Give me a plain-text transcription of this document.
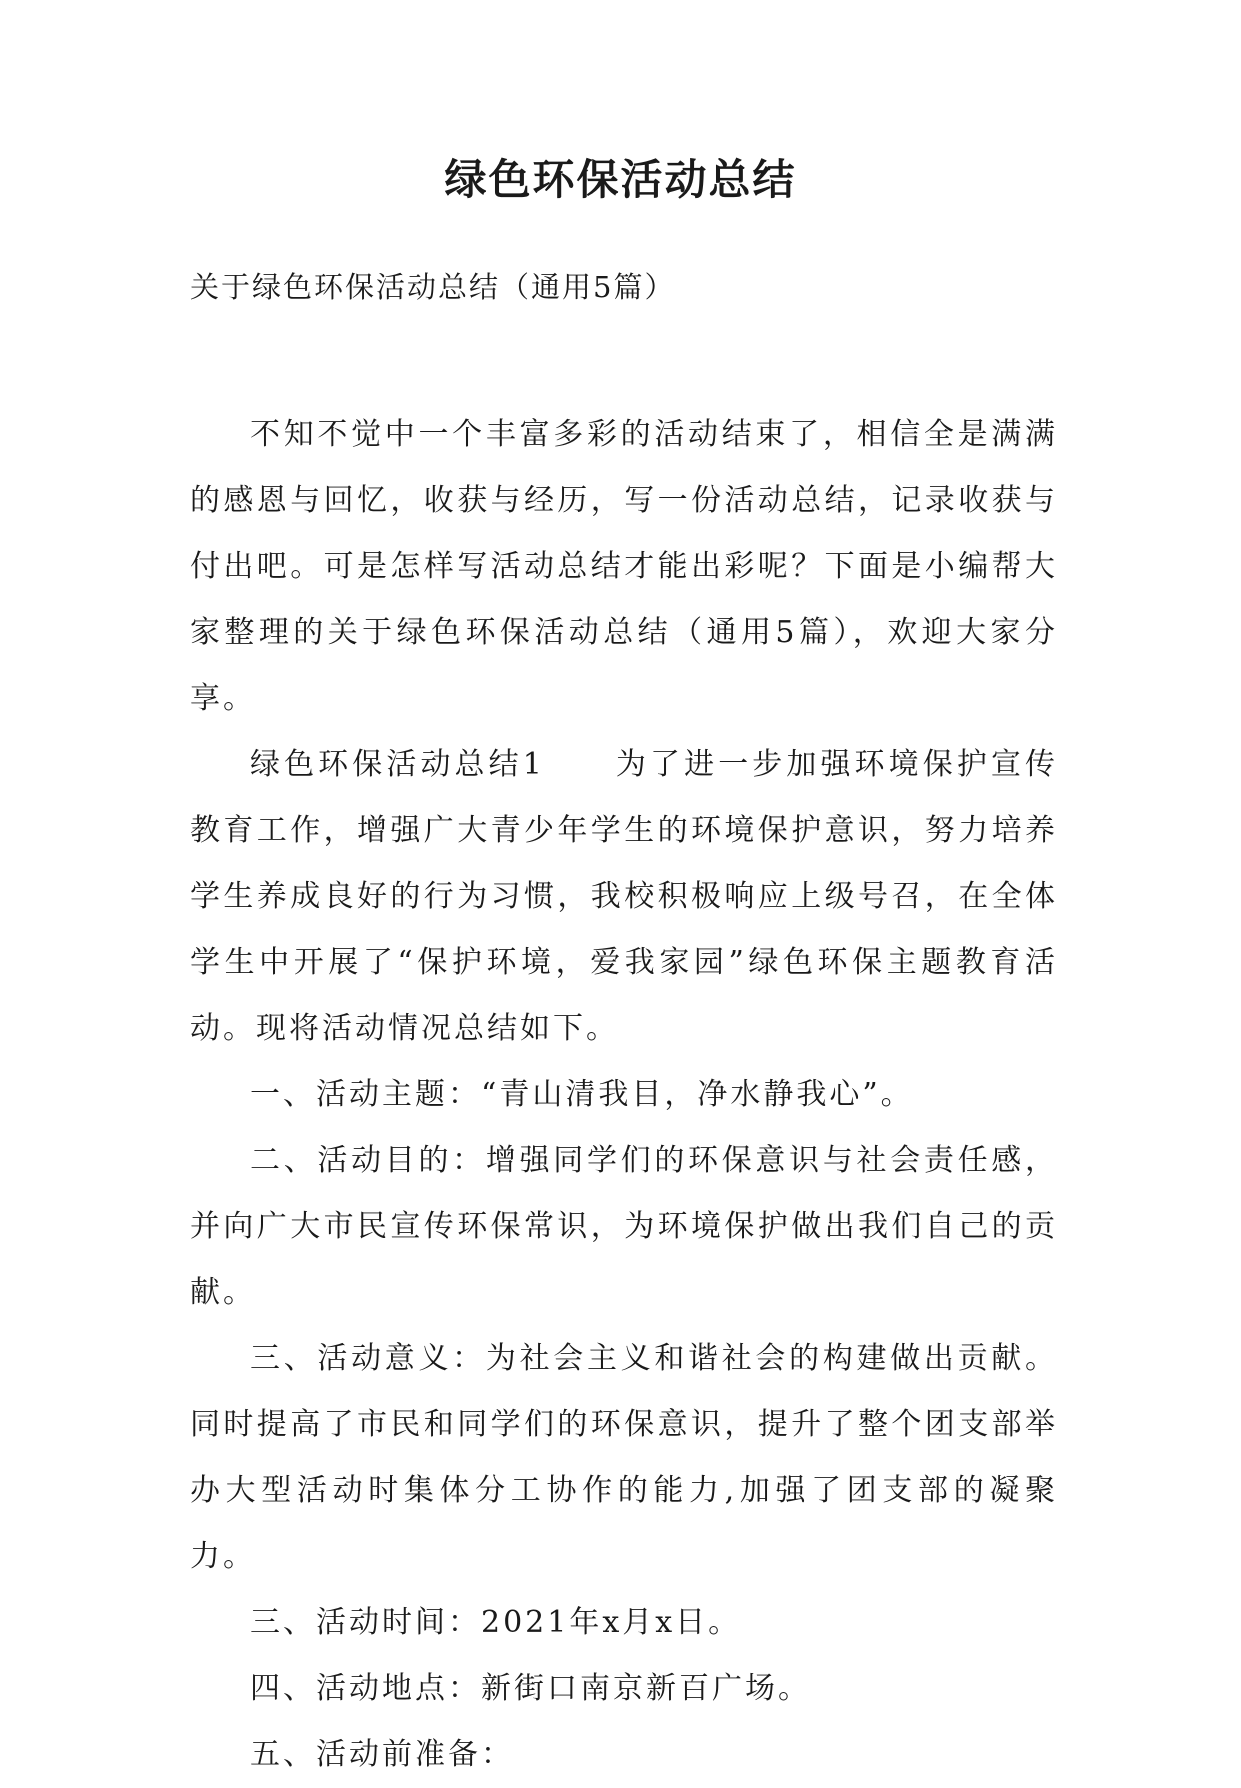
绿色环保活动总结

关于绿色环保活动总结（通用5篇）

不知不觉中一个丰富多彩的活动结束了，相信全是满满的感恩与回忆，收获与经历，写一份活动总结，记录收获与付出吧。可是怎样写活动总结才能出彩呢？下面是小编帮大家整理的关于绿色环保活动总结（通用5篇），欢迎大家分享。

绿色环保活动总结1 为了进一步加强环境保护宣传教育工作，增强广大青少年学生的环境保护意识，努力培养学生养成良好的行为习惯，我校积极响应上级号召，在全体学生中开展了“保护环境，爱我家园”绿色环保主题教育活动。现将活动情况总结如下。

一、活动主题：“青山清我目，净水静我心”。

二、活动目的：增强同学们的环保意识与社会责任感，并向广大市民宣传环保常识，为环境保护做出我们自己的贡献。

三、活动意义：为社会主义和谐社会的构建做出贡献。同时提高了市民和同学们的环保意识，提升了整个团支部举办大型活动时集体分工协作的能力,加强了团支部的凝聚力。

三、活动时间：2021年x月x日。

四、活动地点：新街口南京新百广场。

五、活动前准备：
